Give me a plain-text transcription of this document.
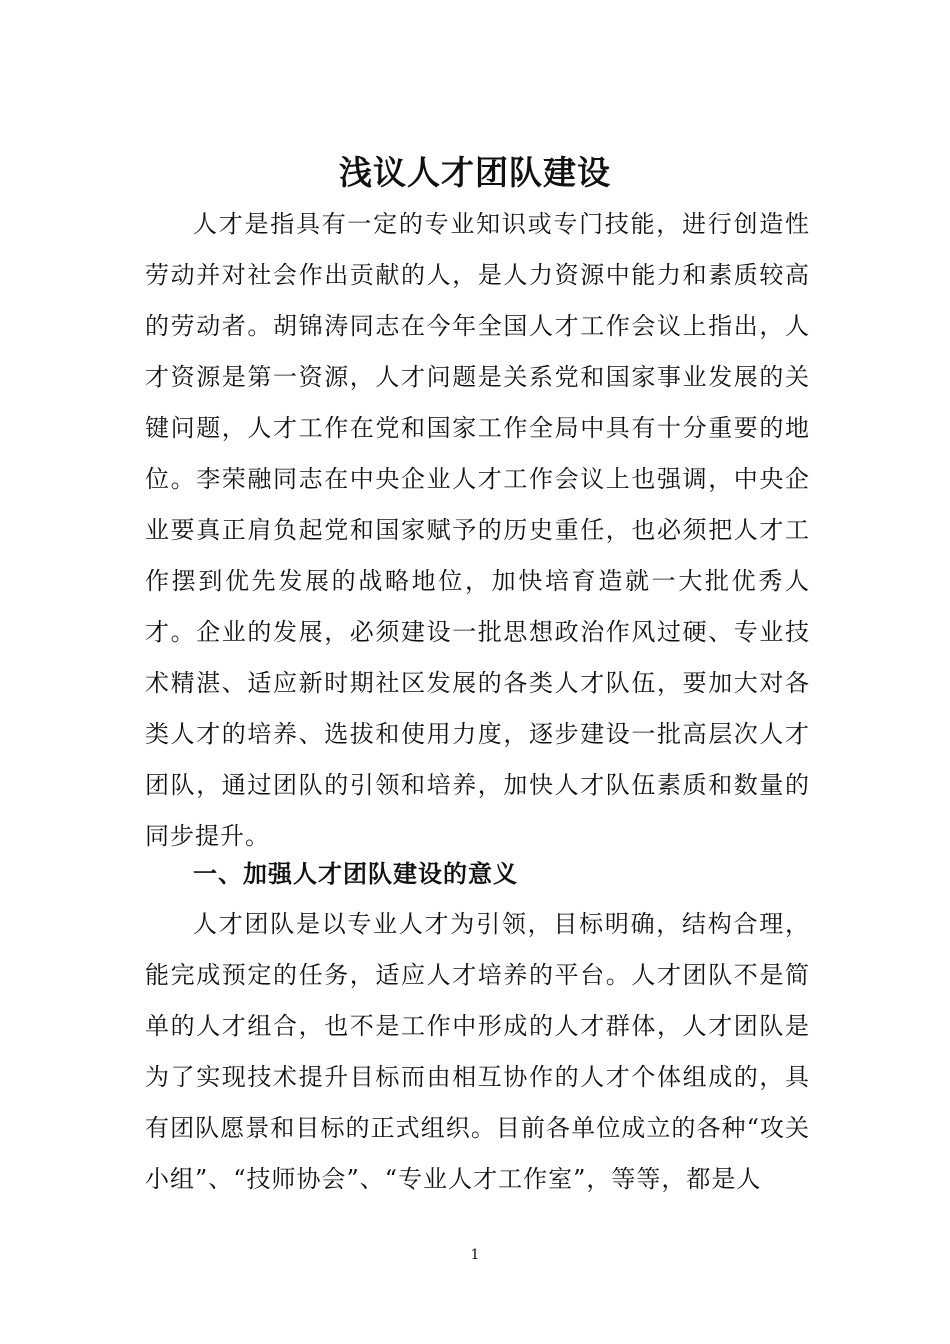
浅议人才团队建设

人才是指具有一定的专业知识或专门技能，进行创造性劳动并对社会作出贡献的人，是人力资源中能力和素质较高的劳动者。胡锦涛同志在今年全国人才工作会议上指出，人才资源是第一资源，人才问题是关系党和国家事业发展的关键问题，人才工作在党和国家工作全局中具有十分重要的地位。李荣融同志在中央企业人才工作会议上也强调，中央企业要真正肩负起党和国家赋予的历史重任，也必须把人才工作摆到优先发展的战略地位，加快培育造就一大批优秀人才。企业的发展，必须建设一批思想政治作风过硬、专业技术精湛、适应新时期社区发展的各类人才队伍，要加大对各类人才的培养、选拔和使用力度，逐步建设一批高层次人才团队，通过团队的引领和培养，加快人才队伍素质和数量的同步提升。

一、加强人才团队建设的意义

人才团队是以专业人才为引领，目标明确，结构合理，能完成预定的任务，适应人才培养的平台。人才团队不是简单的人才组合，也不是工作中形成的人才群体，人才团队是为了实现技术提升目标而由相互协作的人才个体组成的，具有团队愿景和目标的正式组织。目前各单位成立的各种“攻关小组”、“技师协会”、“专业人才工作室”，等等，都是人

1
